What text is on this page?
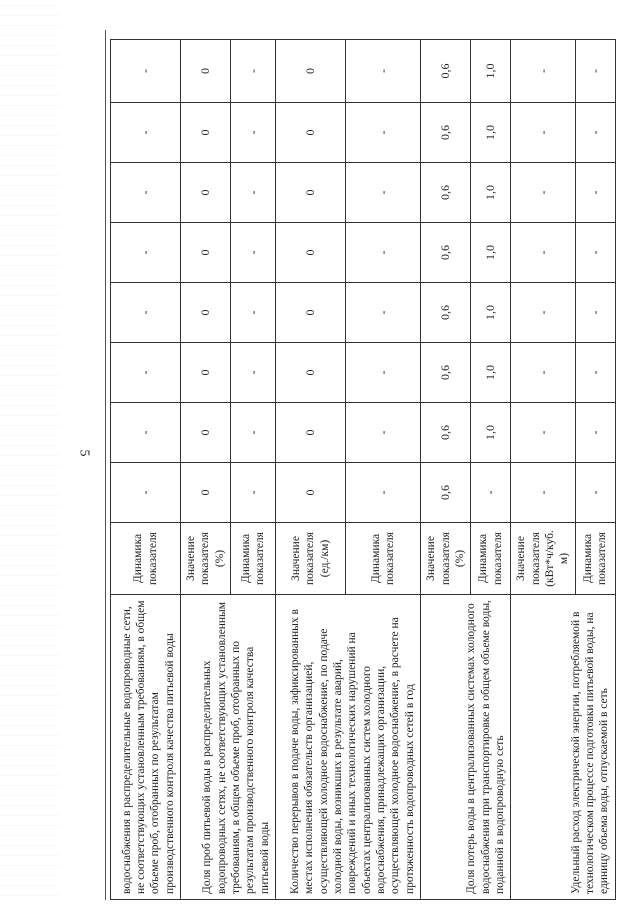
5
водоснабжения в распределительные водопроводные сети, не соответствующих установленным требованиям, в общем объеме проб, отобранных по результатам производственного контроля качества питьевой воды	Динамика показателя	-	-	-	-	-	-	-	-
Доля проб питьевой воды в распределительных водопроводных сетях, не соответствующих установленным требованиям, в общем объеме проб, отобранных по результатам производственного контроля качества питьевой воды	Значение показателя (%)	0	0	0	0	0	0	0	0
	Динамика показателя	-	-	-	-	-	-	-	-
Количество перерывов в подаче воды, зафиксированных в местах исполнения обязательств организацией, осуществляющей холодное водоснабжение, по подаче холодной воды, возникших в результате аварий, повреждений и иных технологических нарушений на объектах централизованных систем холодного водоснабжения, принадлежащих организации, осуществляющей холодное водоснабжение, в расчете на протяженность водопроводных сетей в год	Значение показателя (ед./км)	0	0	0	0	0	0	0	0
	Динамика показателя	-	-	-	-	-	-	-	-
Доля потерь воды в централизованных системах холодного водоснабжения при транспортировке в общем объеме воды, поданной в водопроводную сеть	Значение показателя (%)	0,6	0,6	0,6	0,6	0,6	0,6	0,6	0,6
	Динамика показателя	-	1,0	1,0	1,0	1,0	1,0	1,0	1,0
Удельный расход электрической энергии, потребляемой в технологическом процессе подготовки питьевой воды, на единицу объема воды, отпускаемой в сеть	Значение показателя (кВт*ч/куб. м)	-	-	-	-	-	-	-	-
	Динамика показателя	-	-	-	-	-	-	-	-
